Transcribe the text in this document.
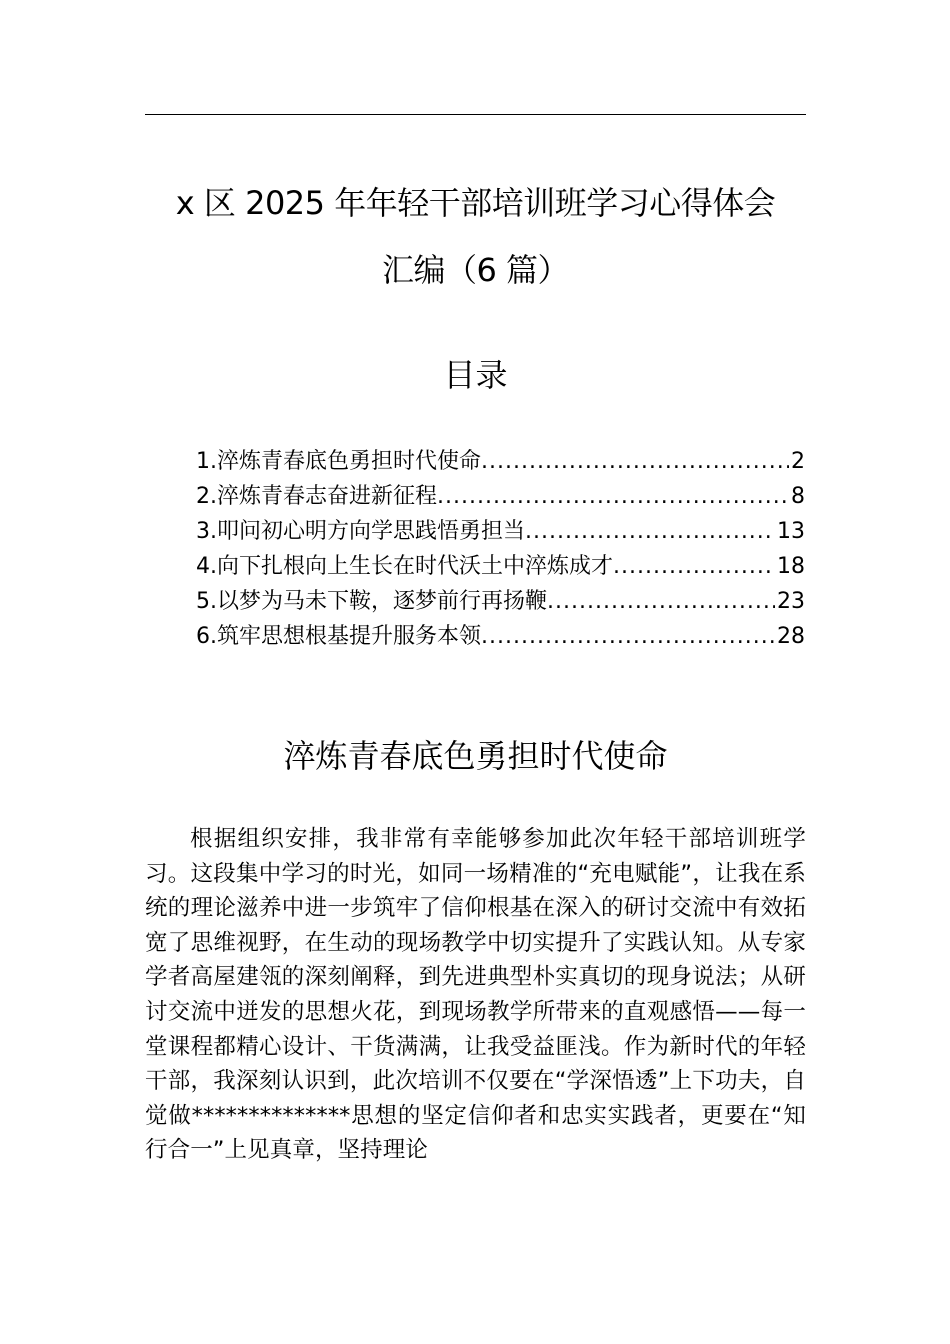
x 区 2025 年年轻干部培训班学习心得体会
汇编（6 篇）
目录
1.淬炼青春底色勇担时代使命 .....	2
2.淬炼青春志奋进新征程 .....	8
3.叩问初心明方向学思践悟勇担当 .....	13
4.向下扎根向上生长在时代沃土中淬炼成才 .....	18
5.以梦为马未下鞍，逐梦前行再扬鞭 .....	23
6.筑牢思想根基提升服务本领 .....	28
淬炼青春底色勇担时代使命

根据组织安排，我非常有幸能够参加此次年轻干部培训班学习。这段集中学习的时光，如同一场精准的“充电赋能”，让我在系统的理论滋养中进一步筑牢了信仰根基在深入的研讨交流中有效拓宽了思维视野，在生动的现场教学中切实提升了实践认知。从专家学者高屋建瓴的深刻阐释，到先进典型朴实真切的现身说法；从研讨交流中迸发的思想火花，到现场教学所带来的直观感悟——每一堂课程都精心设计、干货满满，让我受益匪浅。作为新时代的年轻干部，我深刻认识到，此次培训不仅要在“学深悟透”上下功夫，自觉做**************思想的坚定信仰者和忠实实践者，更要在“知行合一”上见真章，坚持理论
